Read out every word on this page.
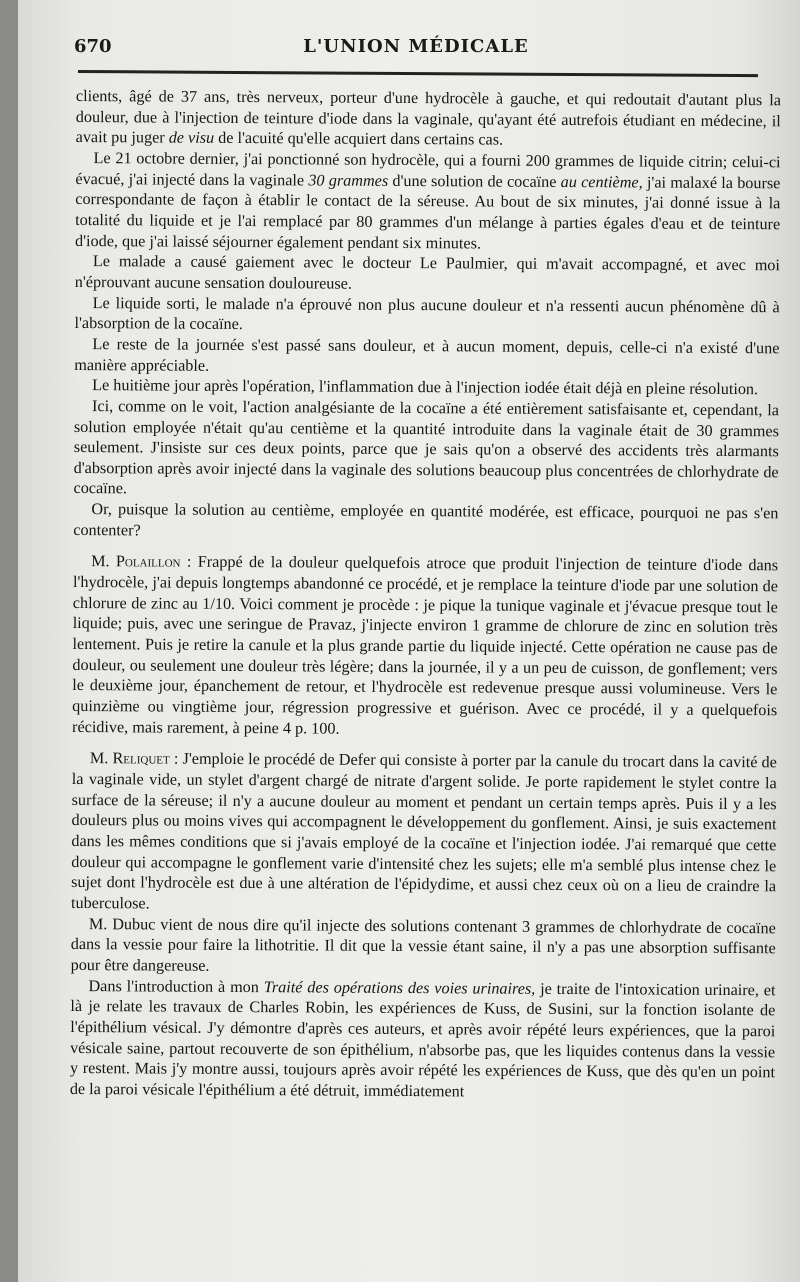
670	L'UNION MÉDICALE

clients, âgé de 37 ans, très nerveux, porteur d'une hydrocèle à gauche, et qui redoutait d'autant plus la douleur, due à l'injection de teinture d'iode dans la vaginale, qu'ayant été autrefois étudiant en médecine, il avait pu juger de visu de l'acuité qu'elle acquiert dans certains cas.

Le 21 octobre dernier, j'ai ponctionné son hydrocèle, qui a fourni 200 grammes de liquide citrin; celui-ci évacué, j'ai injecté dans la vaginale 30 grammes d'une solution de cocaïne au centième, j'ai malaxé la bourse correspondante de façon à établir le contact de la séreuse. Au bout de six minutes, j'ai donné issue à la totalité du liquide et je l'ai remplacé par 80 grammes d'un mélange à parties égales d'eau et de teinture d'iode, que j'ai laissé séjourner également pendant six minutes.

Le malade a causé gaiement avec le docteur Le Paulmier, qui m'avait accompagné, et avec moi n'éprouvant aucune sensation douloureuse.

Le liquide sorti, le malade n'a éprouvé non plus aucune douleur et n'a ressenti aucun phénomène dû à l'absorption de la cocaïne.

Le reste de la journée s'est passé sans douleur, et à aucun moment, depuis, celle-ci n'a existé d'une manière appréciable.

Le huitième jour après l'opération, l'inflammation due à l'injection iodée était déjà en pleine résolution.

Ici, comme on le voit, l'action analgésiante de la cocaïne a été entièrement satisfaisante et, cependant, la solution employée n'était qu'au centième et la quantité introduite dans la vaginale était de 30 grammes seulement. J'insiste sur ces deux points, parce que je sais qu'on a observé des accidents très alarmants d'absorption après avoir injecté dans la vaginale des solutions beaucoup plus concentrées de chlorhydrate de cocaïne.

Or, puisque la solution au centième, employée en quantité modérée, est efficace, pourquoi ne pas s'en contenter?

M. Polaillon : Frappé de la douleur quelquefois atroce que produit l'injection de teinture d'iode dans l'hydrocèle, j'ai depuis longtemps abandonné ce procédé, et je remplace la teinture d'iode par une solution de chlorure de zinc au 1/10. Voici comment je procède : je pique la tunique vaginale et j'évacue presque tout le liquide; puis, avec une seringue de Pravaz, j'injecte environ 1 gramme de chlorure de zinc en solution très lentement. Puis je retire la canule et la plus grande partie du liquide injecté. Cette opération ne cause pas de douleur, ou seulement une douleur très légère; dans la journée, il y a un peu de cuisson, de gonflement; vers le deuxième jour, épanchement de retour, et l'hydrocèle est redevenue presque aussi volumineuse. Vers le quinzième ou vingtième jour, régression progressive et guérison. Avec ce procédé, il y a quelquefois récidive, mais rarement, à peine 4 p. 100.

M. Reliquet : J'emploie le procédé de Defer qui consiste à porter par la canule du trocart dans la cavité de la vaginale vide, un stylet d'argent chargé de nitrate d'argent solide. Je porte rapidement le stylet contre la surface de la séreuse; il n'y a aucune douleur au moment et pendant un certain temps après. Puis il y a les douleurs plus ou moins vives qui accompagnent le développement du gonflement. Ainsi, je suis exactement dans les mêmes conditions que si j'avais employé de la cocaïne et l'injection iodée. J'ai remarqué que cette douleur qui accompagne le gonflement varie d'intensité chez les sujets; elle m'a semblé plus intense chez le sujet dont l'hydrocèle est due à une altération de l'épidydime, et aussi chez ceux où on a lieu de craindre la tuberculose.

M. Dubuc vient de nous dire qu'il injecte des solutions contenant 3 grammes de chlorhydrate de cocaïne dans la vessie pour faire la lithotritie. Il dit que la vessie étant saine, il n'y a pas une absorption suffisante pour être dangereuse.

Dans l'introduction à mon Traité des opérations des voies urinaires, je traite de l'intoxication urinaire, et là je relate les travaux de Charles Robin, les expériences de Kuss, de Susini, sur la fonction isolante de l'épithélium vésical. J'y démontre d'après ces auteurs, et après avoir répété leurs expériences, que la paroi vésicale saine, partout recouverte de son épithélium, n'absorbe pas, que les liquides contenus dans la vessie y restent. Mais j'y montre aussi, toujours après avoir répété les expériences de Kuss, que dès qu'en un point de la paroi vésicale l'épithélium a été détruit, immédiatement
